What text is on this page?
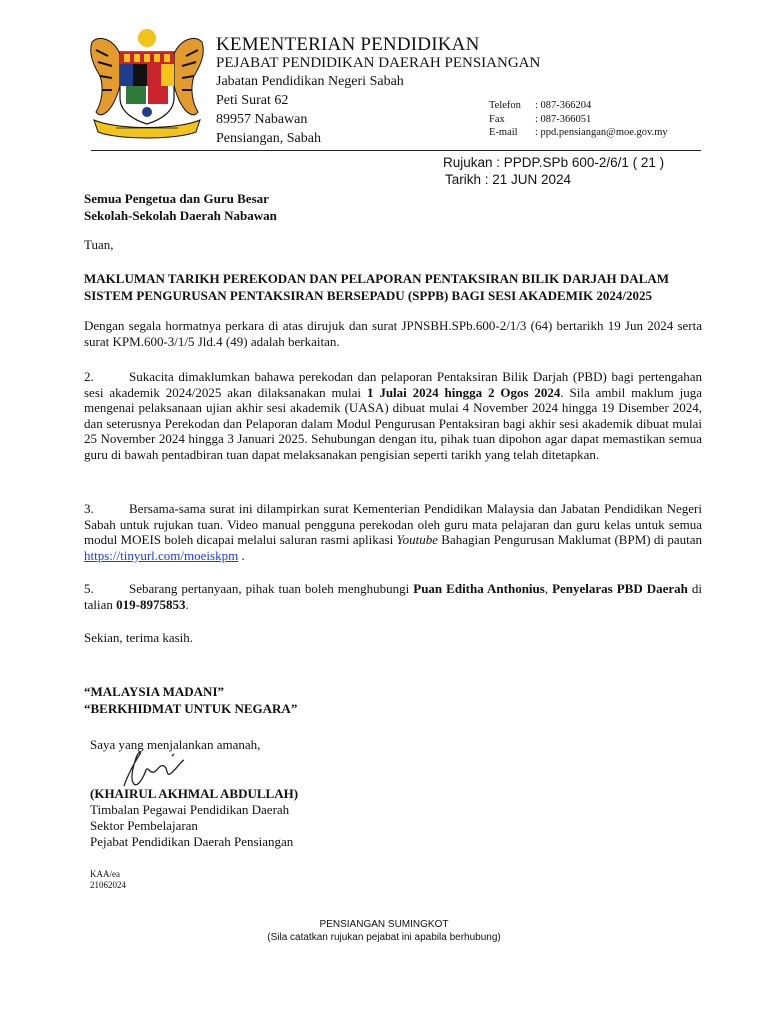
KEMENTERIAN PENDIDIKAN
PEJABAT PENDIDIKAN DAERAH PENSIANGAN
Jabatan Pendidikan Negeri Sabah
Peti Surat 62
89957 Nabawan
Pensiangan, Sabah
Telefon : 087-366204
Fax	: 087-366051
E-mail : ppd.pensiangan@moe.gov.my
Rujukan : PPDP.SPb 600-2/6/1 ( 21 )
Tarikh : 21 JUN 2024
Semua Pengetua dan Guru Besar
Sekolah-Sekolah Daerah Nabawan
Tuan,
MAKLUMAN TARIKH PEREKODAN DAN PELAPORAN PENTAKSIRAN BILIK DARJAH DALAM
SISTEM PENGURUSAN PENTAKSIRAN BERSEPADU (SPPB) BAGI SESI AKADEMIK 2024/2025
Dengan segala hormatnya perkara di atas dirujuk dan surat JPNSBH.SPb.600-2/1/3 (64) bertarikh 19 Jun 2024 serta surat KPM.600-3/1/5 Jld.4 (49) adalah berkaitan.
2.	Sukacita dimaklumkan bahawa perekodan dan pelaporan Pentaksiran Bilik Darjah (PBD) bagi pertengahan sesi akademik 2024/2025 akan dilaksanakan mulai 1 Julai 2024 hingga 2 Ogos 2024. Sila ambil maklum juga mengenai pelaksanaan ujian akhir sesi akademik (UASA) dibuat mulai 4 November 2024 hingga 19 Disember 2024, dan seterusnya Perekodan dan Pelaporan dalam Modul Pengurusan Pentaksiran bagi akhir sesi akademik dibuat mulai 25 November 2024 hingga 3 Januari 2025. Sehubungan dengan itu, pihak tuan dipohon agar dapat memastikan semua guru di bawah pentadbiran tuan dapat melaksanakan pengisian seperti tarikh yang telah ditetapkan.
3.	Bersama-sama surat ini dilampirkan surat Kementerian Pendidikan Malaysia dan Jabatan Pendidikan Negeri Sabah untuk rujukan tuan. Video manual pengguna perekodan oleh guru mata pelajaran dan guru kelas untuk semua modul MOEIS boleh dicapai melalui saluran rasmi aplikasi Youtube Bahagian Pengurusan Maklumat (BPM) di pautan https://tinyurl.com/moeiskpm .
5.	Sebarang pertanyaan, pihak tuan boleh menghubungi Puan Editha Anthonius, Penyelaras PBD Daerah di talian 019-8975853.
Sekian, terima kasih.
“MALAYSIA MADANI”
“BERKHIDMAT UNTUK NEGARA”
Saya yang menjalankan amanah,
(KHAIRUL AKHMAL ABDULLAH)
Timbalan Pegawai Pendidikan Daerah
Sektor Pembelajaran
Pejabat Pendidikan Daerah Pensiangan
KAA/ea
21062024
PENSIANGAN SUMINGKOT
(Sila catatkan rujukan pejabat ini apabila berhubung)
